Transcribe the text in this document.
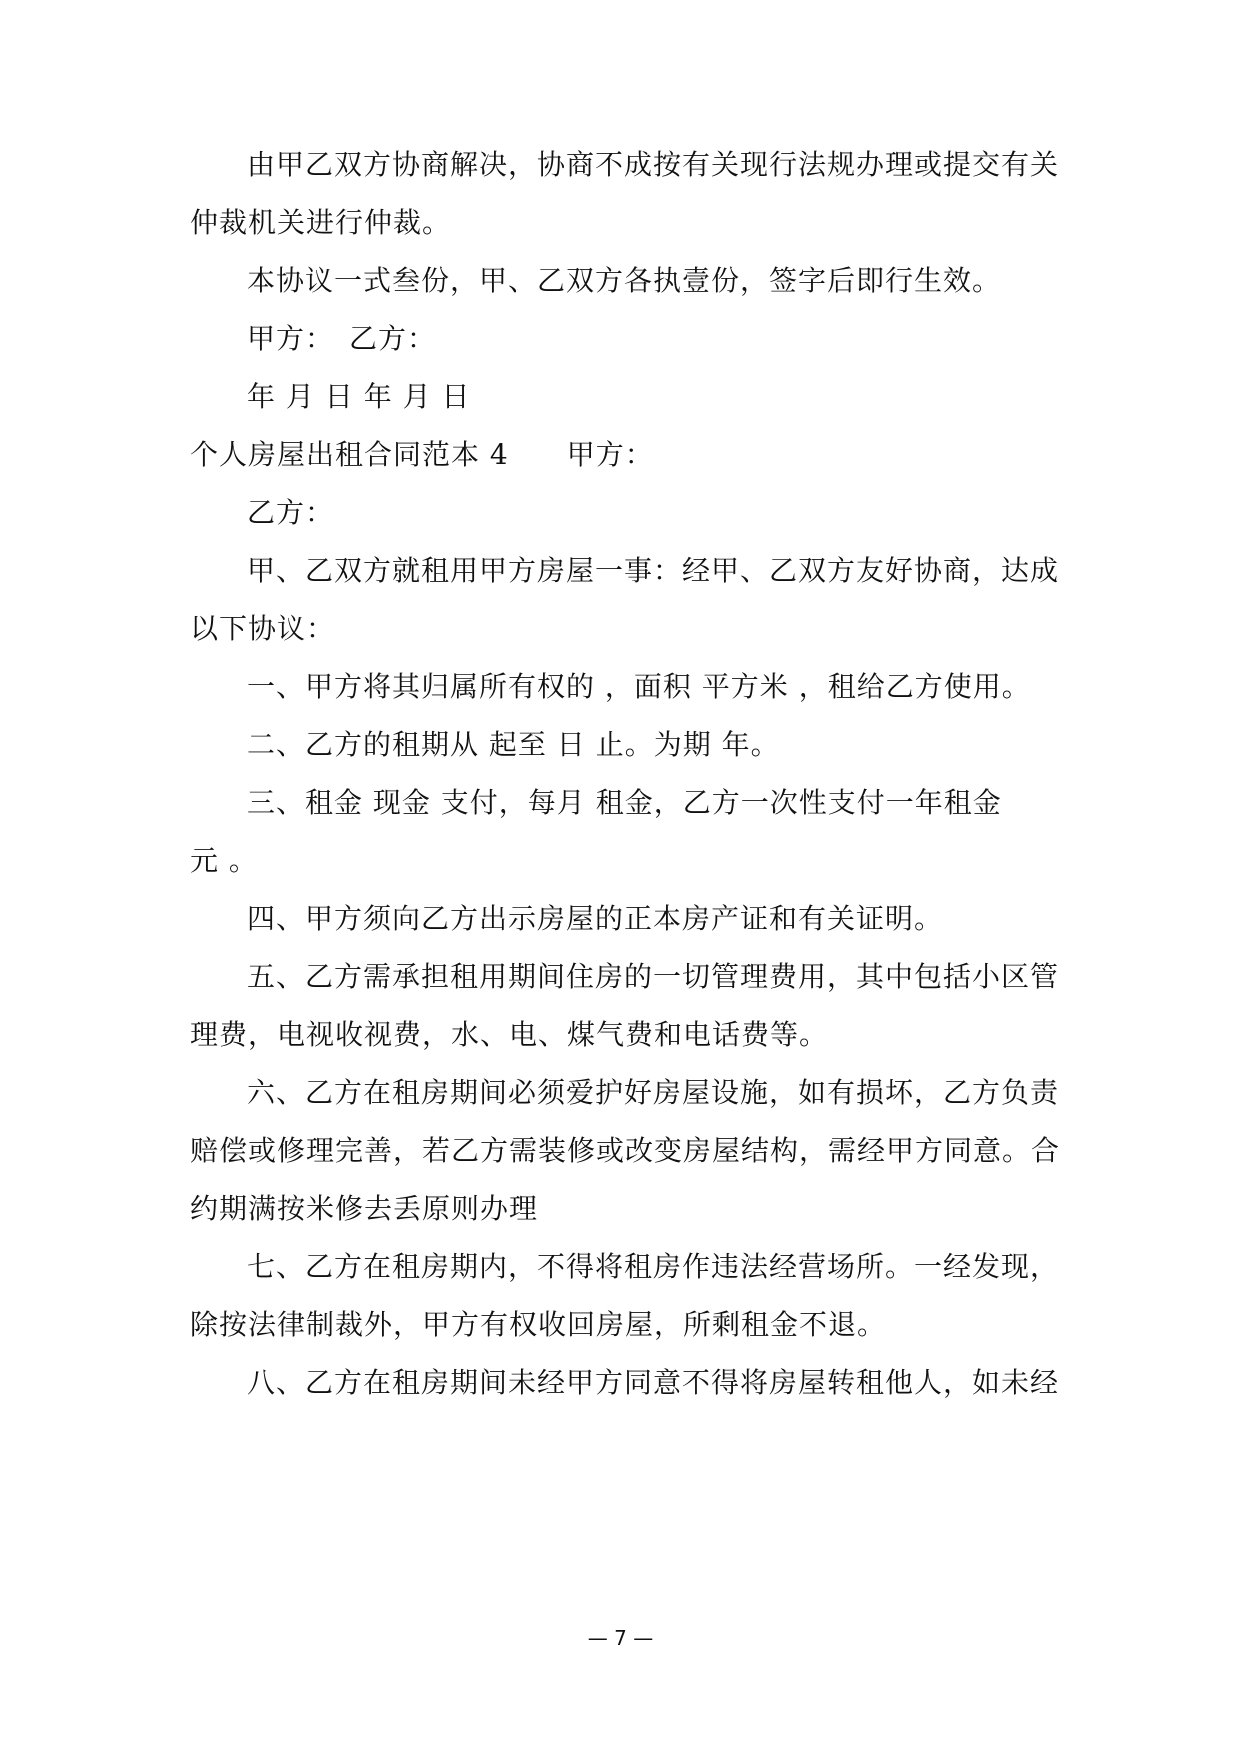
由甲乙双方协商解决，协商不成按有关现行法规办理或提交有关
仲裁机关进行仲裁。
本协议一式叁份，甲、乙双方各执壹份，签字后即行生效。
甲方：　乙方：
年 月 日 年 月 日
个人房屋出租合同范本 4　　甲方：
乙方：
甲、乙双方就租用甲方房屋一事：经甲、乙双方友好协商，达成
以下协议：
一、甲方将其归属所有权的 ，面积 平方米 ，租给乙方使用。
二、乙方的租期从 起至 日 止。为期 年。
三、租金 现金 支付，每月 租金，乙方一次性支付一年租金
元 。
四、甲方须向乙方出示房屋的正本房产证和有关证明。
五、乙方需承担租用期间住房的一切管理费用，其中包括小区管
理费，电视收视费，水、电、煤气费和电话费等。
六、乙方在租房期间必须爱护好房屋设施，如有损坏，乙方负责
赔偿或修理完善，若乙方需装修或改变房屋结构，需经甲方同意。合
约期满按米修去丢原则办理
七、乙方在租房期内，不得将租房作违法经营场所。一经发现，
除按法律制裁外，甲方有权收回房屋，所剩租金不退。
八、乙方在租房期间未经甲方同意不得将房屋转租他人，如未经
— 7 —
